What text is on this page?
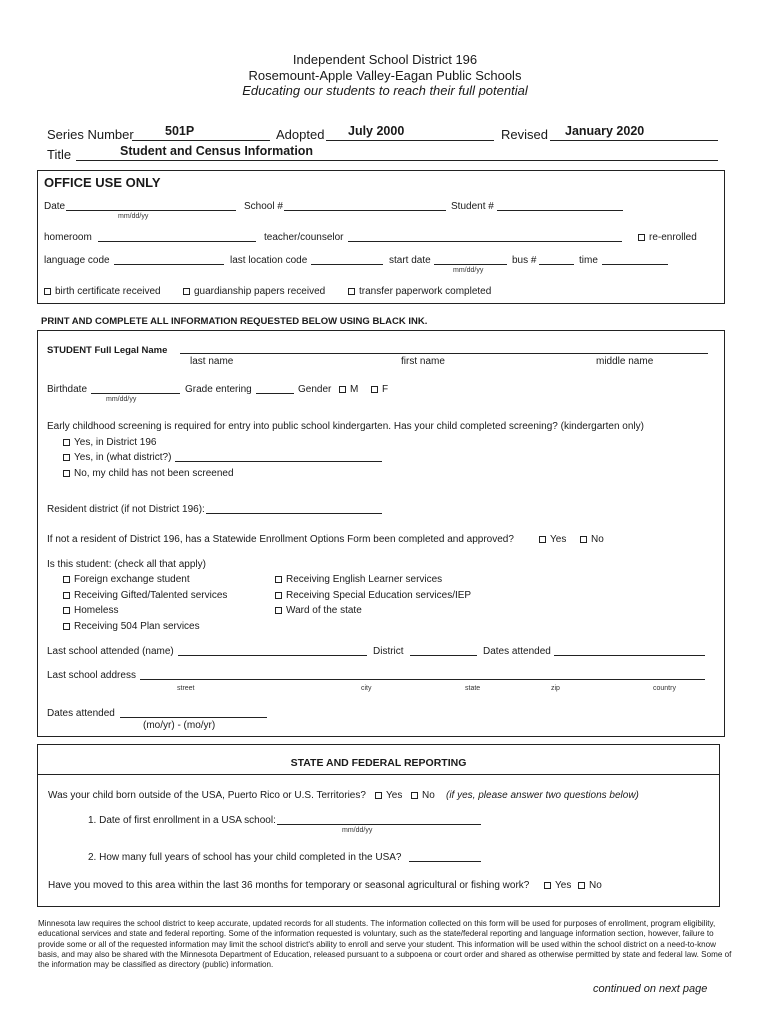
Independent School District 196
Rosemount-Apple Valley-Eagan Public Schools
Educating our students to reach their full potential
Series Number	501P	Adopted July 2000	Revised January 2020
Title	Student and Census Information
OFFICE USE ONLY
Date
mm/dd/yy
School #	Student #
homeroom	teacher/counselor	re-enrolled
language code	last location code	start date
mm/dd/yy
bus #	time
birth certificate received	guardianship papers received	transfer paperwork completed
PRINT AND COMPLETE ALL INFORMATION REQUESTED BELOW USING BLACK INK.
STUDENT Full Legal Name
last name	first name	middle name
Birthdate
mm/dd/yy
Grade entering	Gender	M	F
Early childhood screening is required for entry into public school kindergarten. Has your child completed screening? (kindergarten only)
Yes, in District 196
Yes, in (what district?)
No, my child has not been screened
Resident district (if not District 196):
If not a resident of District 196, has a Statewide Enrollment Options Form been completed and approved?	Yes	No
Is this student: (check all that apply)
Foreign exchange student
Receiving Gifted/Talented services
Homeless
Receiving 504 Plan services
Receiving English Learner services
Receiving Special Education services/IEP
Ward of the state
Last school attended (name)	District	Dates attended
Last school address
street	city	state	zip	country
Dates attended
(mo/yr) - (mo/yr)
STATE AND FEDERAL REPORTING
Was your child born outside of the USA, Puerto Rico or U.S. Territories?	Yes	No (if yes, please answer two questions below)
1. Date of first enrollment in a USA school:
mm/dd/yy
2. How many full years of school has your child completed in the USA?
Have you moved to this area within the last 36 months for temporary or seasonal agricultural or fishing work?	Yes	No
Minnesota law requires the school district to keep accurate, updated records for all students. The information collected on this form will be used for purposes of enrollment, program eligibility, educational services and state and federal reporting. Some of the information requested is voluntary, such as the state/federal reporting and language information section, however, failure to provide some or all of the requested information may limit the school district's ability to enroll and serve your student. This information will be used within the school district on a need-to-know basis, and may also be shared with the Minnesota Department of Education, released pursuant to a subpoena or court order and shared as otherwise permitted by state and federal law. Some of the information may be classified as directory (public) information.
continued on next page
